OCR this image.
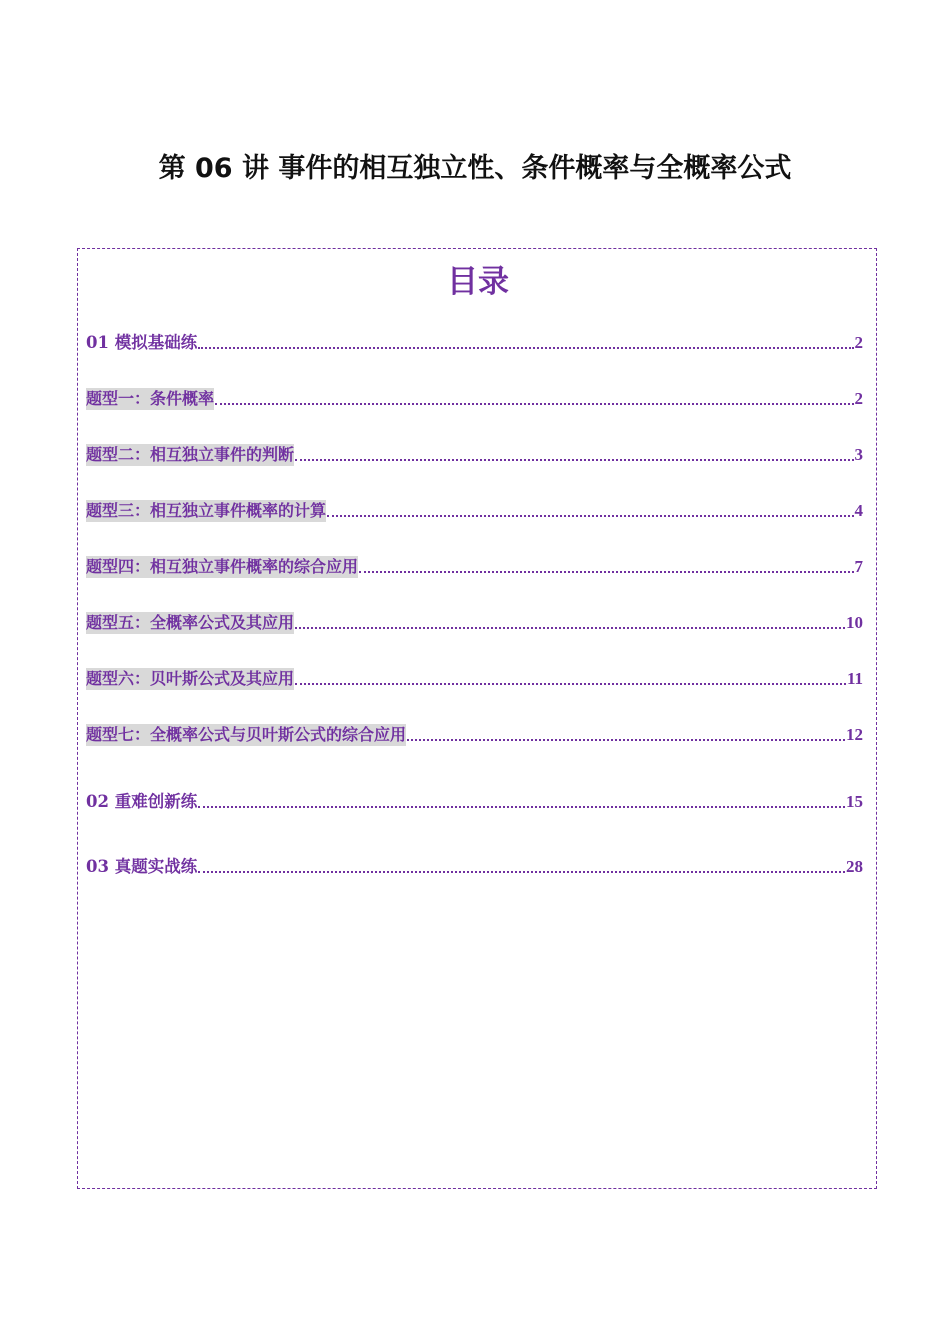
第 06 讲 事件的相互独立性、条件概率与全概率公式
目录
01 模拟基础练	2
题型一：条件概率	2
题型二：相互独立事件的判断	3
题型三：相互独立事件概率的计算	4
题型四：相互独立事件概率的综合应用	7
题型五：全概率公式及其应用	10
题型六：贝叶斯公式及其应用	11
题型七：全概率公式与贝叶斯公式的综合应用	12
02 重难创新练	15
03 真题实战练	28
